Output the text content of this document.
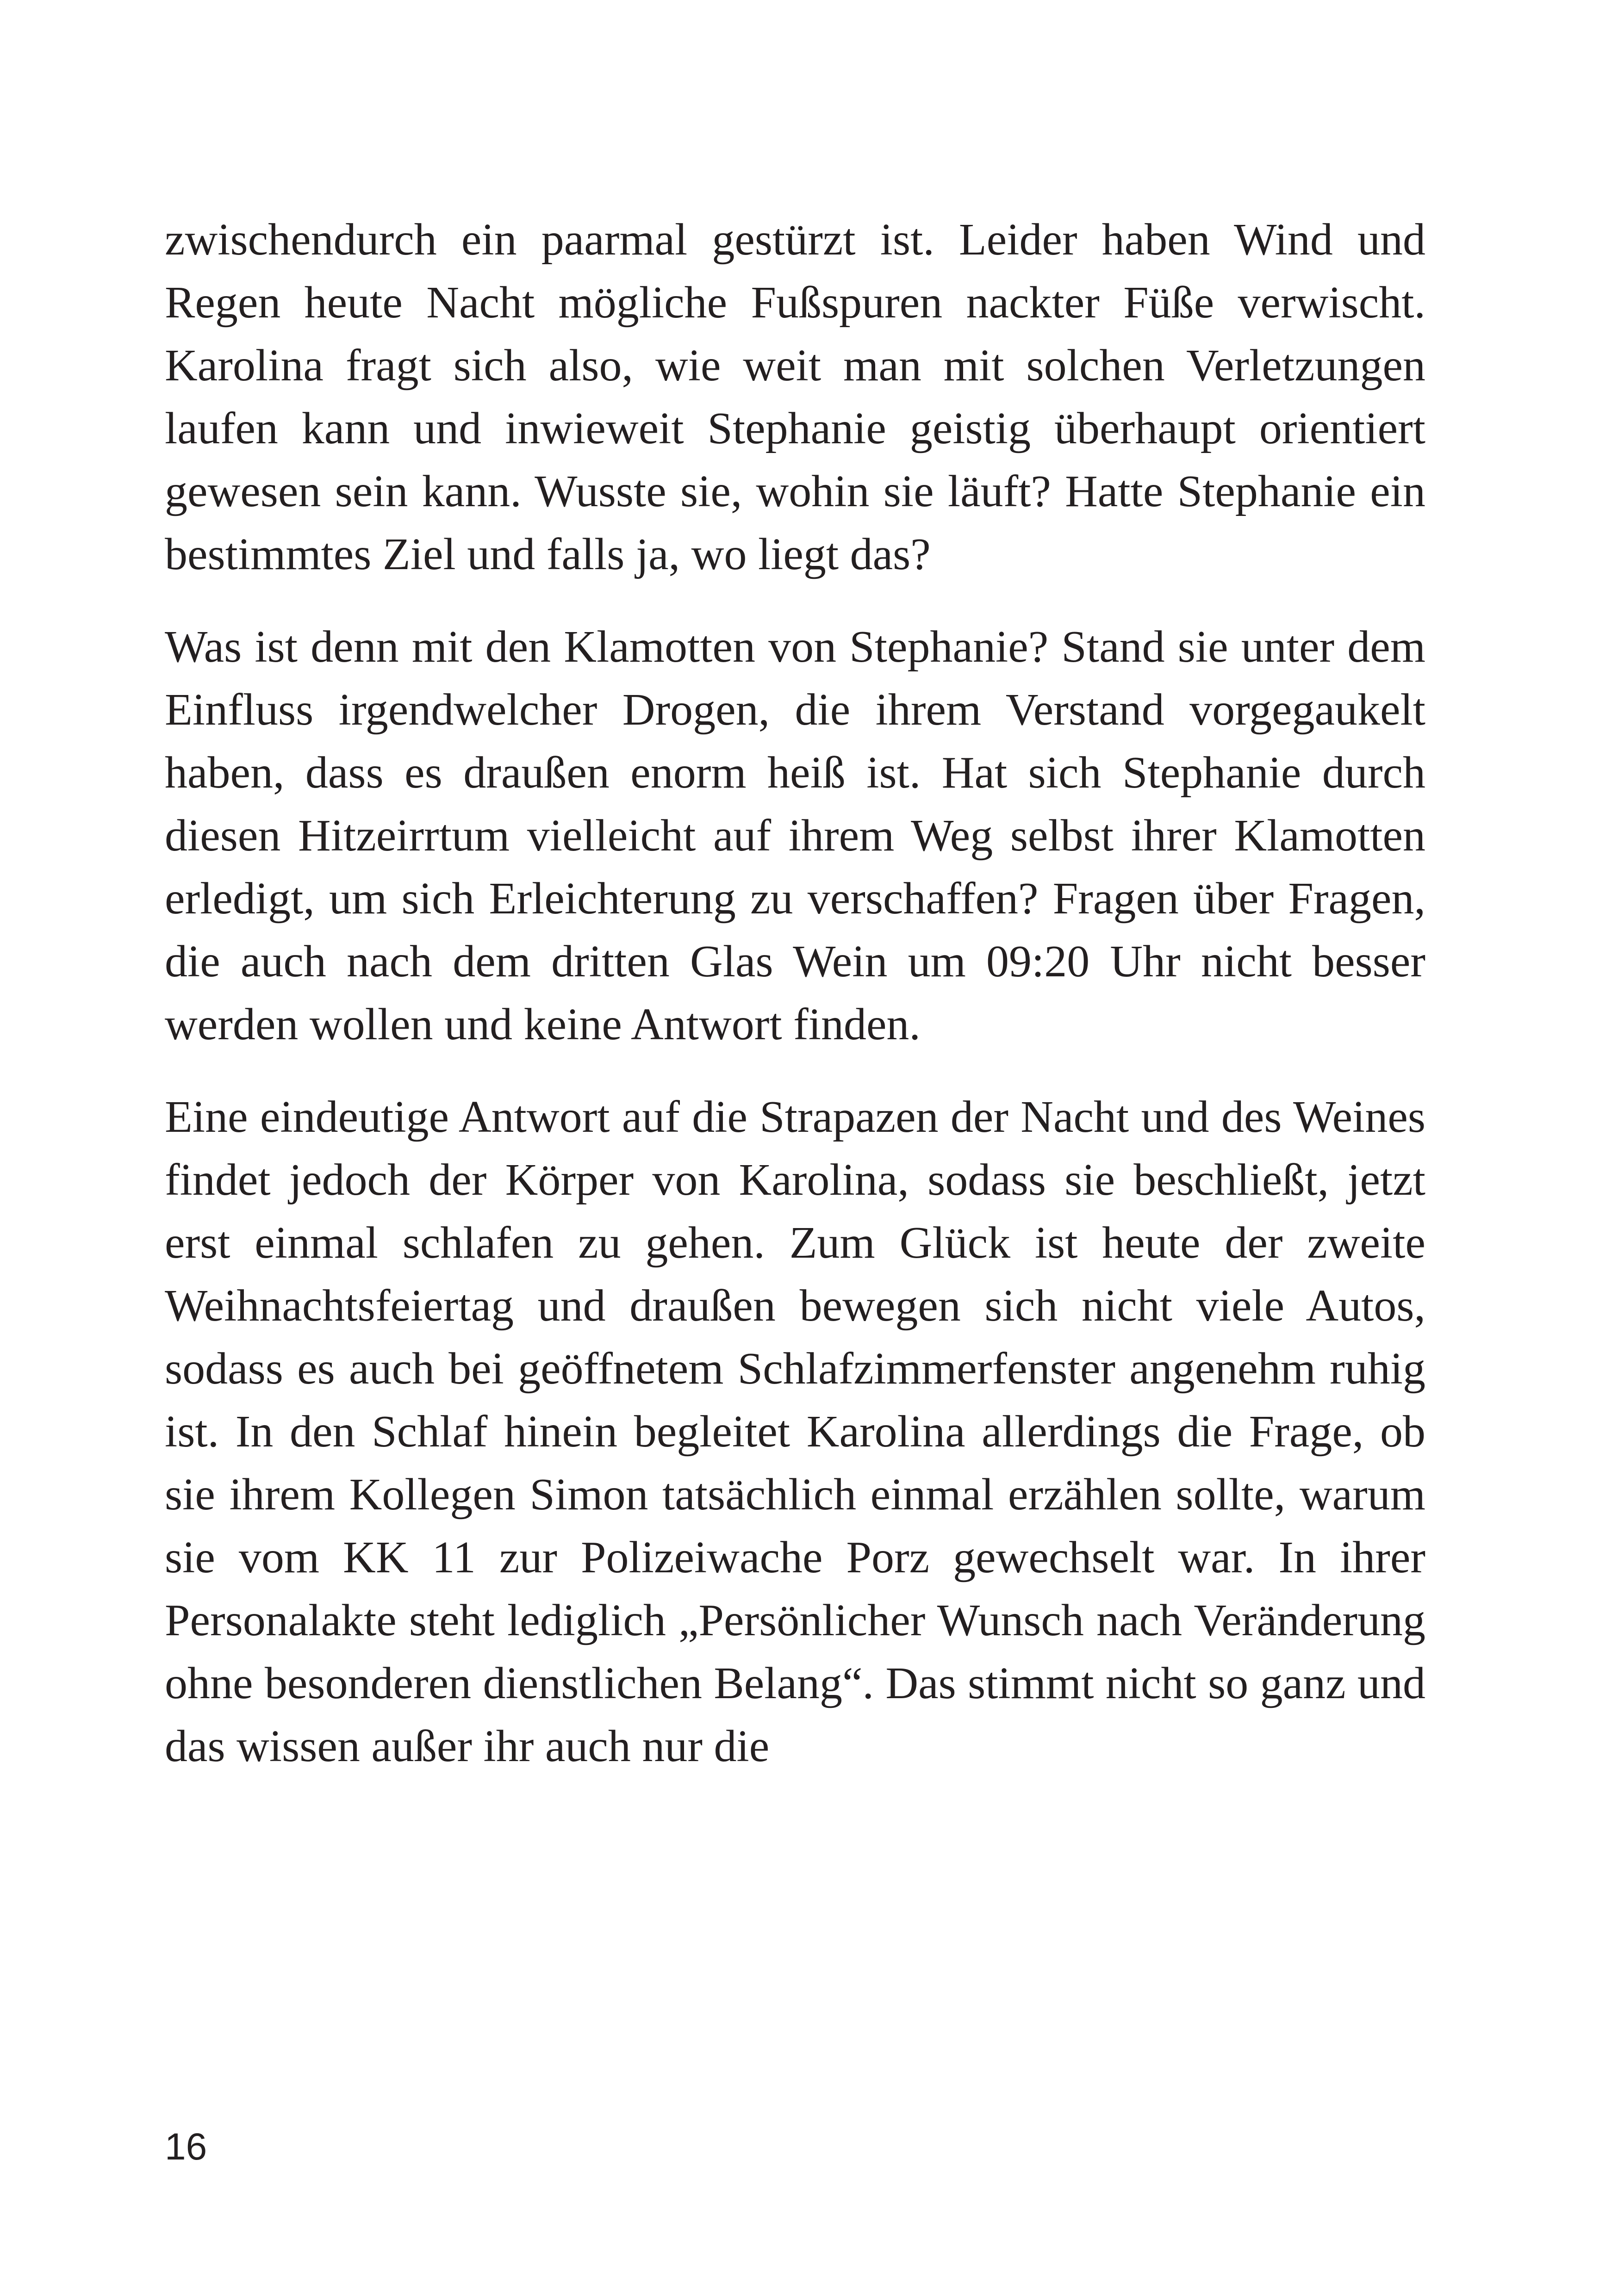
zwischendurch ein paarmal gestürzt ist. Leider haben Wind und Regen heute Nacht mögliche Fußspuren nackter Füße verwischt. Karolina fragt sich also, wie weit man mit solchen Verletzungen laufen kann und inwieweit Stephanie geistig überhaupt orientiert gewesen sein kann. Wusste sie, wohin sie läuft? Hatte Stephanie ein bestimmtes Ziel und falls ja, wo liegt das?

Was ist denn mit den Klamotten von Stephanie? Stand sie unter dem Einfluss irgendwelcher Drogen, die ihrem Verstand vorgegaukelt haben, dass es draußen enorm heiß ist. Hat sich Stephanie durch diesen Hitzeirrtum vielleicht auf ihrem Weg selbst ihrer Klamotten erledigt, um sich Erleichterung zu verschaffen? Fragen über Fragen, die auch nach dem dritten Glas Wein um 09:20 Uhr nicht besser werden wollen und keine Antwort finden.

Eine eindeutige Antwort auf die Strapazen der Nacht und des Weines findet jedoch der Körper von Karolina, sodass sie beschließt, jetzt erst einmal schlafen zu gehen. Zum Glück ist heute der zweite Weihnachtsfeiertag und draußen bewegen sich nicht viele Autos, sodass es auch bei geöffnetem Schlafzimmerfenster angenehm ruhig ist. In den Schlaf hinein begleitet Karolina allerdings die Frage, ob sie ihrem Kollegen Simon tatsächlich einmal erzählen sollte, warum sie vom KK 11 zur Polizeiwache Porz gewechselt war. In ihrer Personalakte steht lediglich „Persönlicher Wunsch nach Veränderung ohne besonderen dienstlichen Belang“. Das stimmt nicht so ganz und das wissen außer ihr auch nur die

16
